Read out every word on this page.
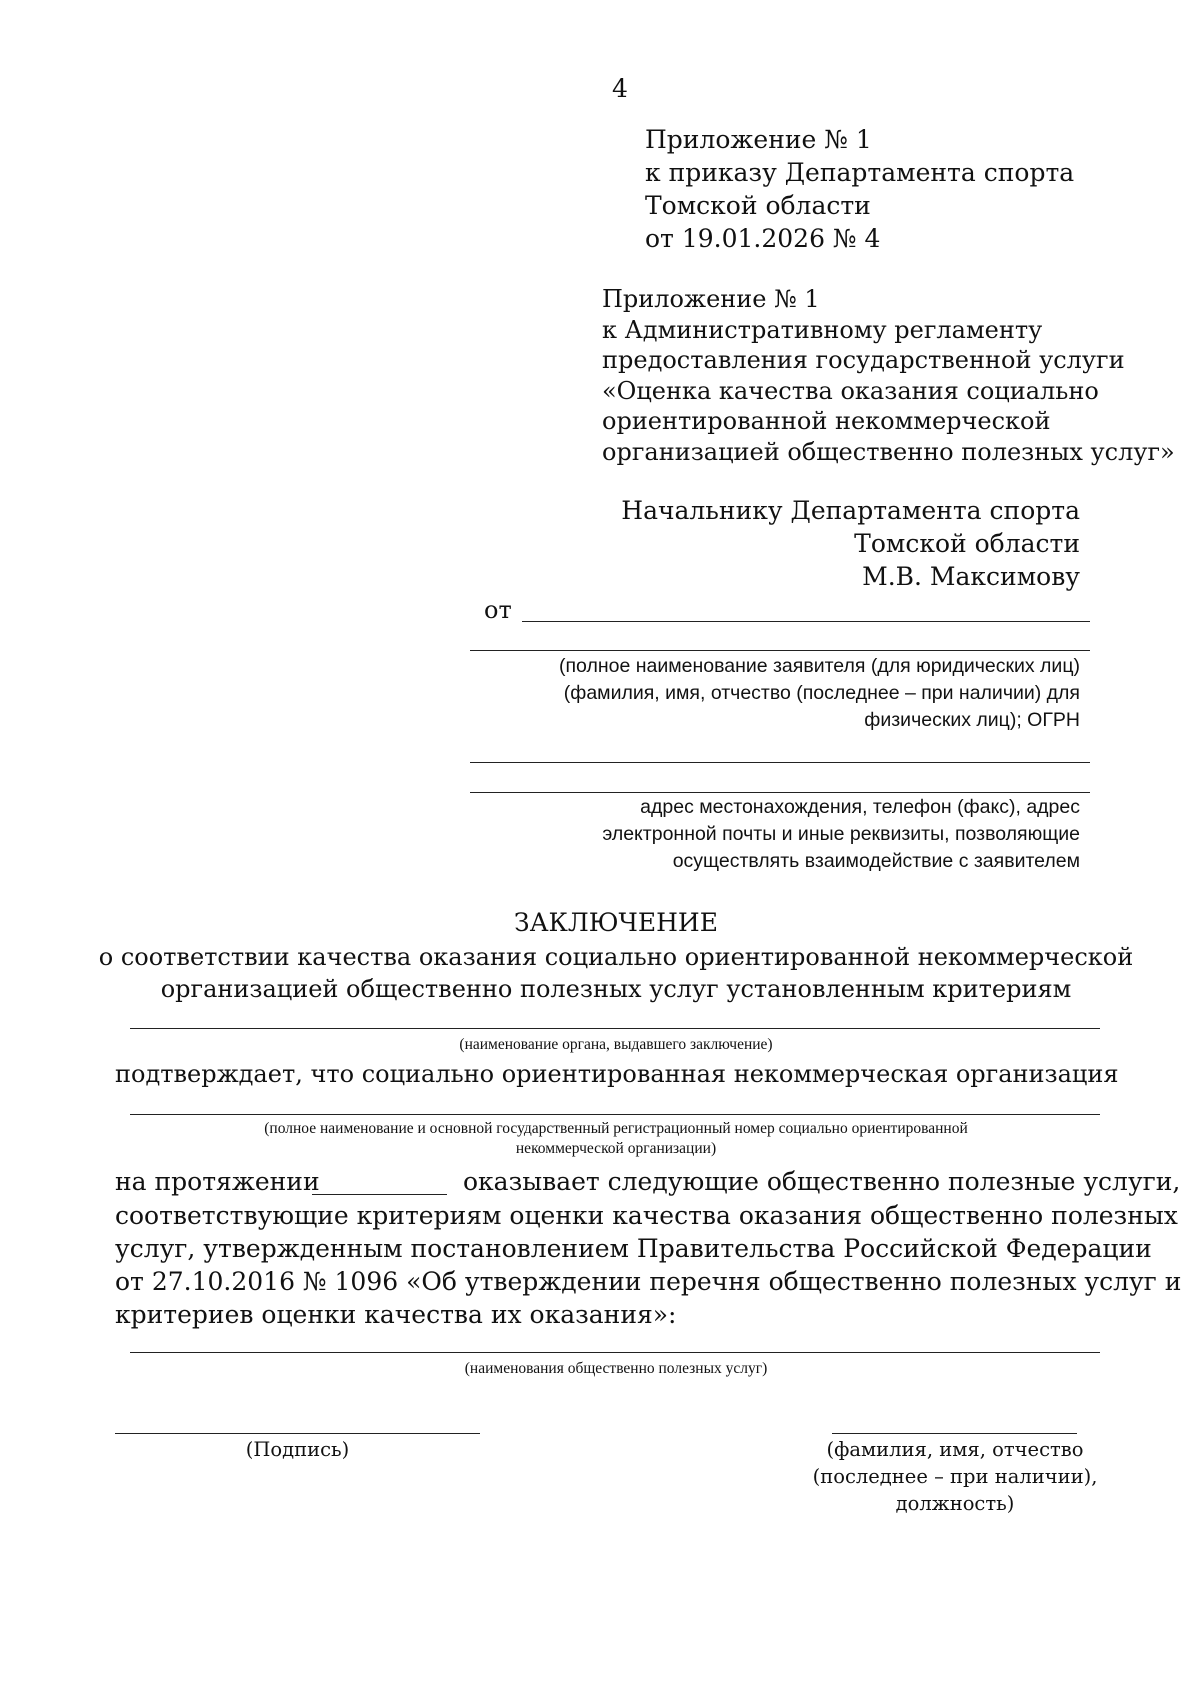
4
Приложение № 1
к приказу Департамента спорта
Томской области
от 19.01.2026 № 4
Приложение № 1
к Административному регламенту
предоставления государственной услуги
«Оценка качества оказания социально
ориентированной некоммерческой
организацией общественно полезных услуг»
Начальнику Департамента спорта
Томской области
М.В. Максимову
от
(полное наименование заявителя (для юридических лиц)
(фамилия, имя, отчество (последнее – при наличии) для
физических лиц); ОГРН
адрес местонахождения, телефон (факс), адрес
электронной почты и иные реквизиты, позволяющие
осуществлять взаимодействие с заявителем
ЗАКЛЮЧЕНИЕ
о соответствии качества оказания социально ориентированной некоммерческой
организацией общественно полезных услуг установленным критериям
(наименование органа, выдавшего заключение)
подтверждает, что социально ориентированная некоммерческая организация
(полное наименование и основной государственный регистрационный номер социально ориентированной
некоммерческой организации)
на протяжении	оказывает следующие общественно полезные услуги,
соответствующие критериям оценки качества оказания общественно полезных
услуг, утвержденным постановлением Правительства Российской Федерации
от 27.10.2016 № 1096 «Об утверждении перечня общественно полезных услуг и
критериев оценки качества их оказания»:
(наименования общественно полезных услуг)
(Подпись)	(фамилия, имя, отчество
(последнее – при наличии),
должность)
